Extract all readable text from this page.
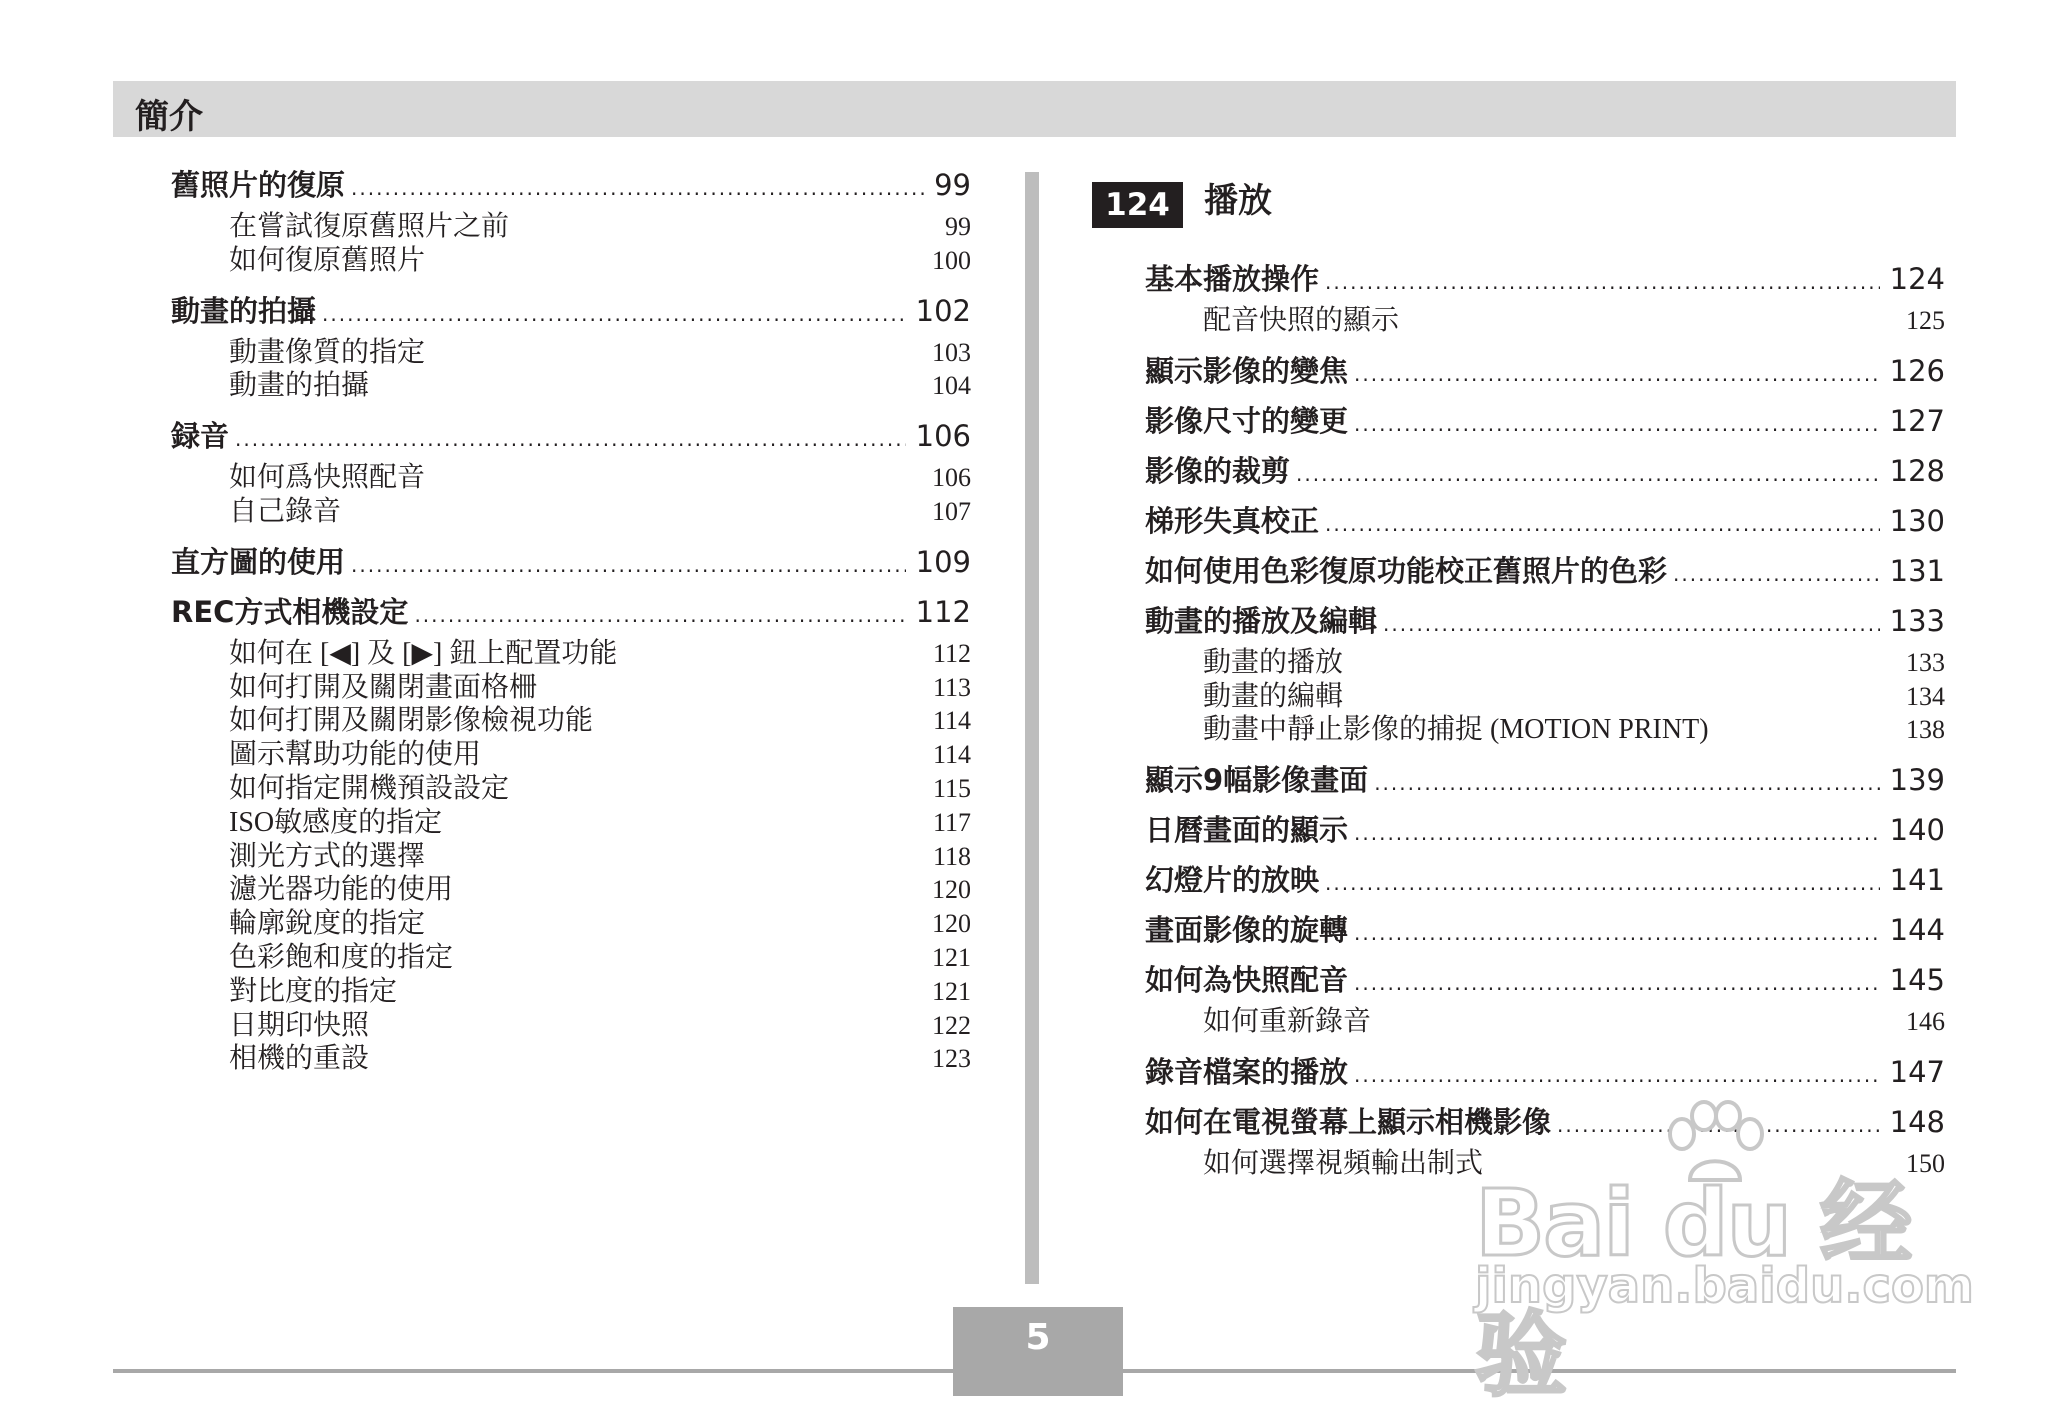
簡介
舊照片的復原 .....	99
在嘗試復原舊照片之前	99
如何復原舊照片	100
動畫的拍攝 .....	102
動畫像質的指定	103
動畫的拍攝	104
録音 .....	106
如何爲快照配音	106
自己錄音	107
直方圖的使用 .....	109
REC方式相機設定 .....	112
如何在 [◀] 及 [▶] 鈕上配置功能	112
如何打開及關閉畫面格柵	113
如何打開及關閉影像檢視功能	114
圖示幫助功能的使用	114
如何指定開機預設設定	115
ISO敏感度的指定	117
測光方式的選擇	118
濾光器功能的使用	120
輪廓銳度的指定	120
色彩飽和度的指定	121
對比度的指定	121
日期印快照	122
相機的重設	123
124	播放
基本播放操作 .....	124
配音快照的顯示	125
顯示影像的變焦 .....	126
影像尺寸的變更 .....	127
影像的裁剪 .....	128
梯形失真校正 .....	130
如何使用色彩復原功能校正舊照片的色彩 .....	131
動畫的播放及編輯 .....	133
動畫的播放	133
動畫的編輯	134
動畫中靜止影像的捕捉 (MOTION PRINT)	138
顯示9幅影像畫面 .....	139
日曆畫面的顯示 .....	140
幻燈片的放映 .....	141
畫面影像的旋轉 .....	144
如何為快照配音 .....	145
如何重新錄音	146
錄音檔案的播放 .....	147
如何在電視螢幕上顯示相機影像 .....	148
如何選擇視頻輸出制式	150
5
Bai du 经验
jingyan.baidu.com
